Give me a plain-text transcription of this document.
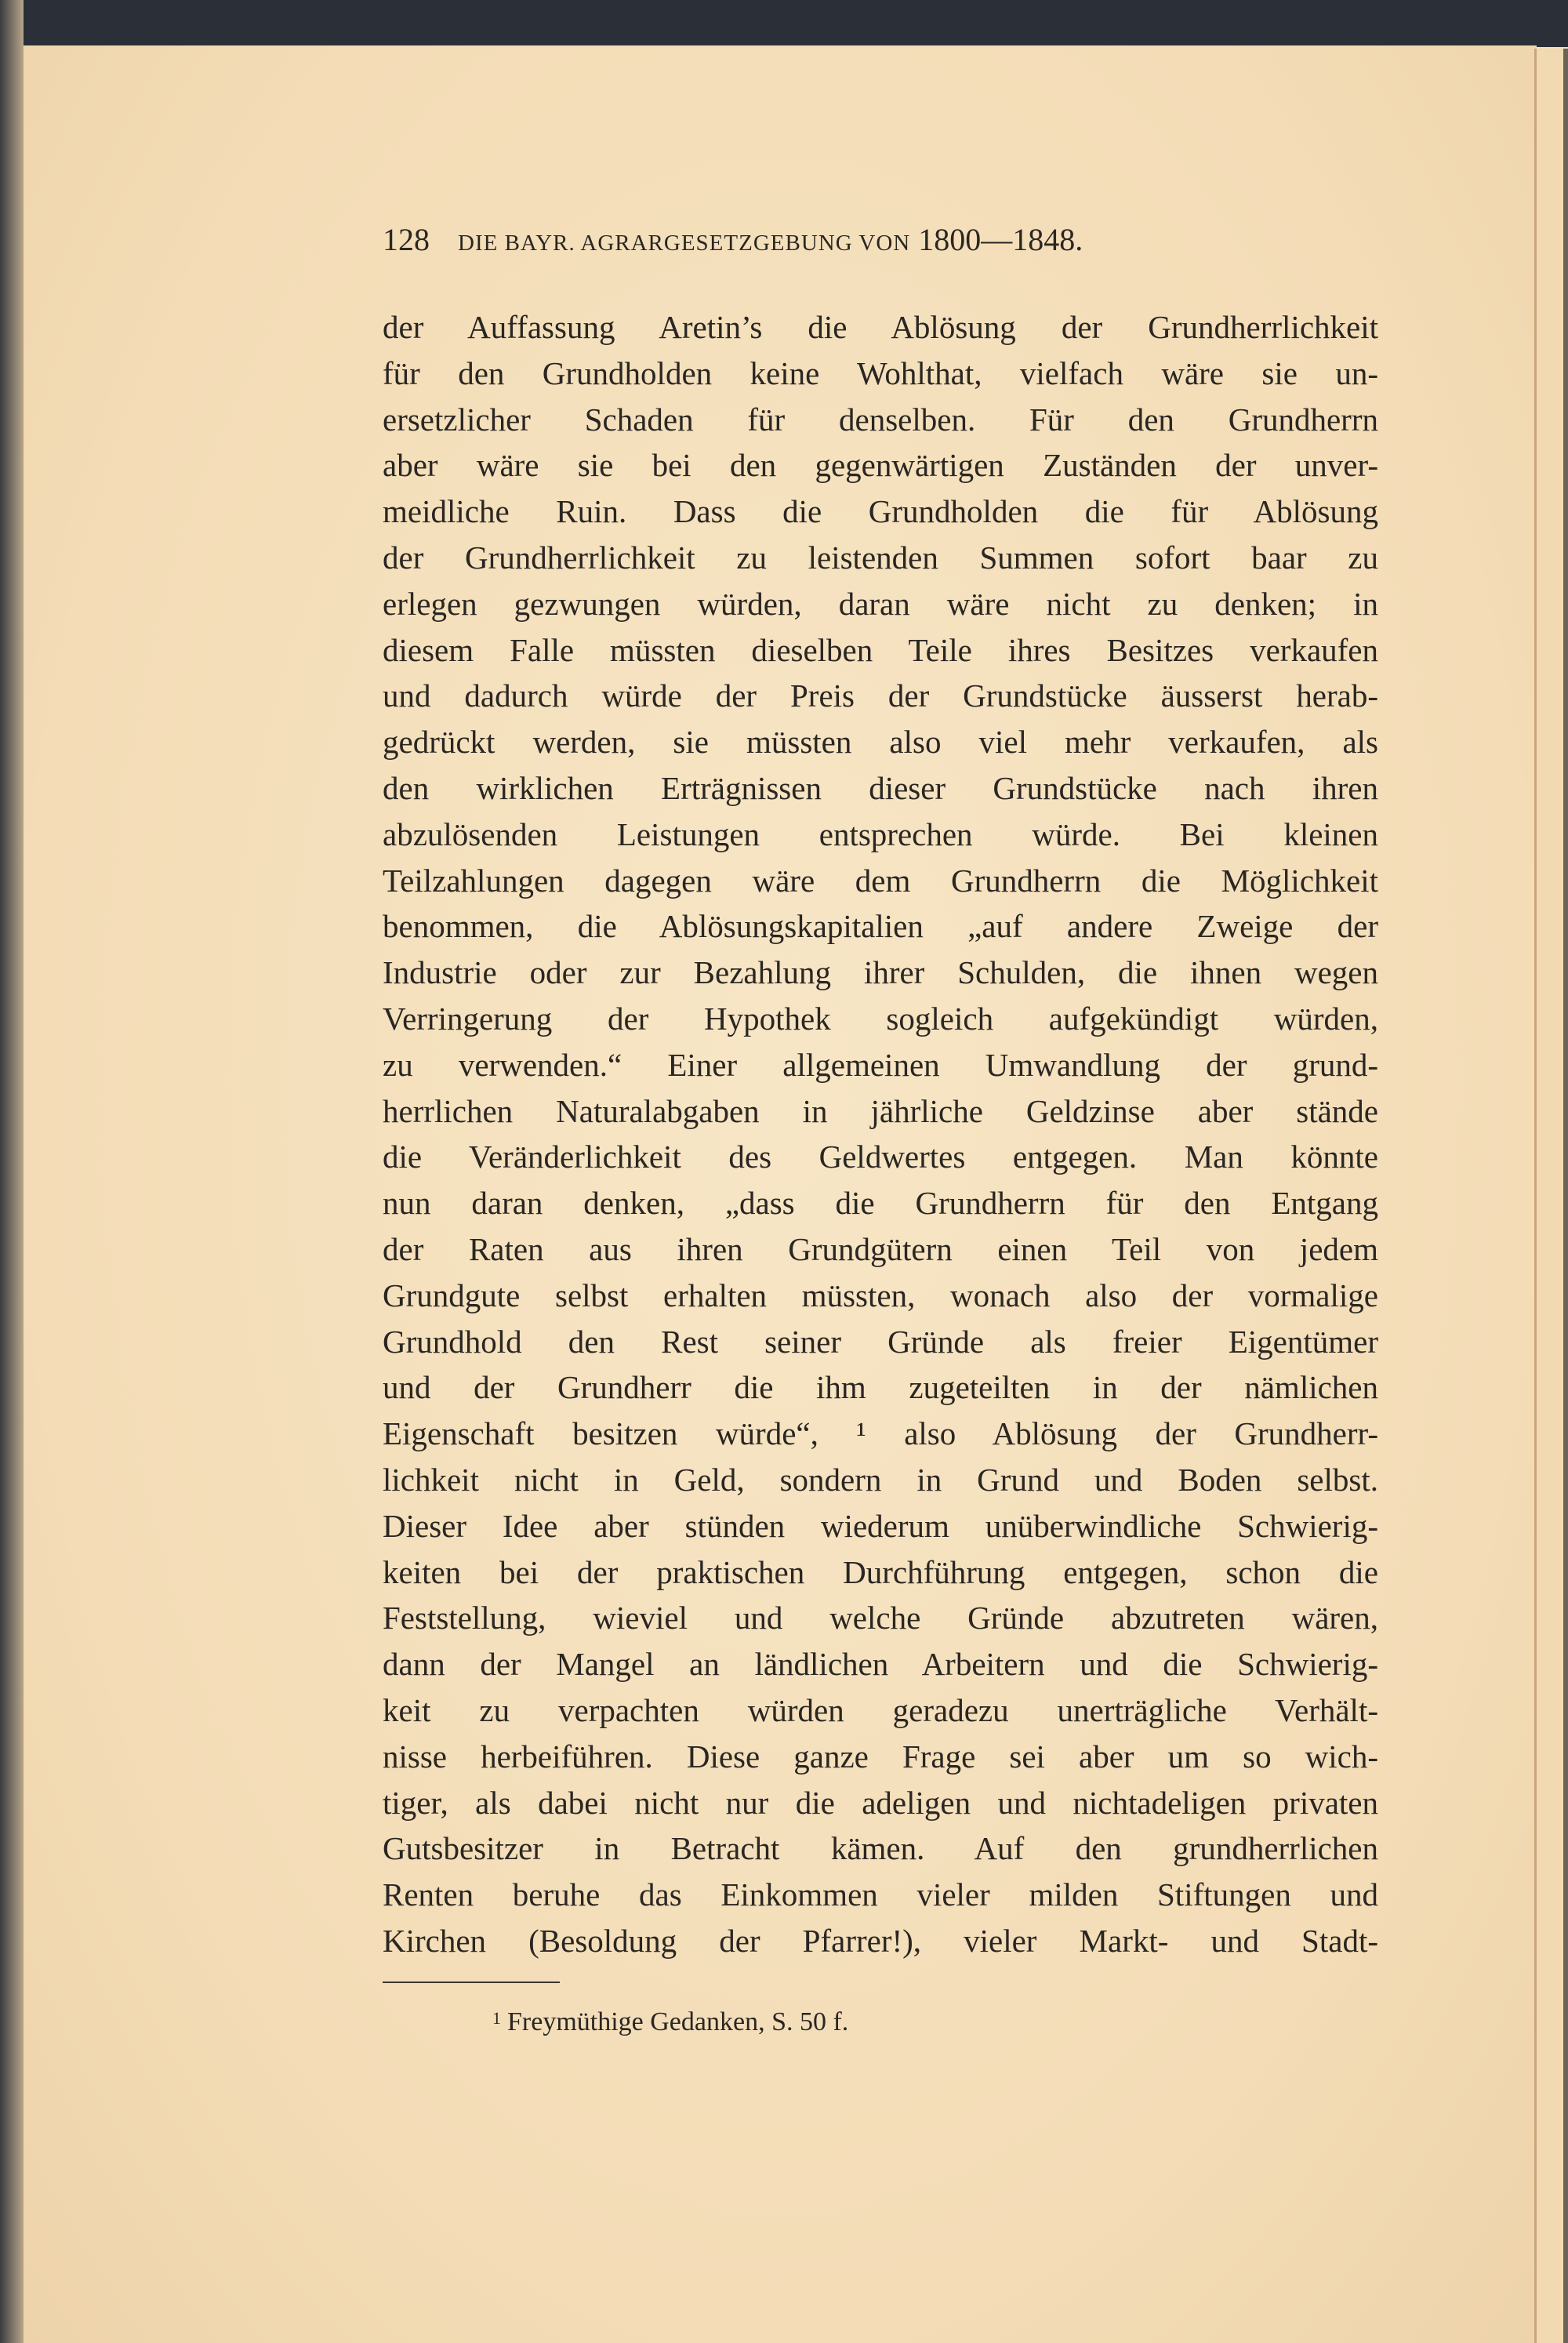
128 DIE BAYR. AGRARGESETZGEBUNG VON 1800—1848.
der Auffassung Aretin’s die Ablösung der Grundherrlichkeit
für den Grundholden keine Wohlthat, vielfach wäre sie un-
ersetzlicher Schaden für denselben. Für den Grundherrn
aber wäre sie bei den gegenwärtigen Zuständen der unver-
meidliche Ruin. Dass die Grundholden die für Ablösung
der Grundherrlichkeit zu leistenden Summen sofort baar zu
erlegen gezwungen würden, daran wäre nicht zu denken; in
diesem Falle müssten dieselben Teile ihres Besitzes verkaufen
und dadurch würde der Preis der Grundstücke äusserst herab-
gedrückt werden, sie müssten also viel mehr verkaufen, als
den wirklichen Erträgnissen dieser Grundstücke nach ihren
abzulösenden Leistungen entsprechen würde. Bei kleinen
Teilzahlungen dagegen wäre dem Grundherrn die Möglichkeit
benommen, die Ablösungskapitalien „auf andere Zweige der
Industrie oder zur Bezahlung ihrer Schulden, die ihnen wegen
Verringerung der Hypothek sogleich aufgekündigt würden,
zu verwenden.“ Einer allgemeinen Umwandlung der grund-
herrlichen Naturalabgaben in jährliche Geldzinse aber stände
die Veränderlichkeit des Geldwertes entgegen. Man könnte
nun daran denken, „dass die Grundherrn für den Entgang
der Raten aus ihren Grundgütern einen Teil von jedem
Grundgute selbst erhalten müssten, wonach also der vormalige
Grundhold den Rest seiner Gründe als freier Eigentümer
und der Grundherr die ihm zugeteilten in der nämlichen
Eigenschaft besitzen würde“, ¹ also Ablösung der Grundherr-
lichkeit nicht in Geld, sondern in Grund und Boden selbst.
Dieser Idee aber stünden wiederum unüberwindliche Schwierig-
keiten bei der praktischen Durchführung entgegen, schon die
Feststellung, wieviel und welche Gründe abzutreten wären,
dann der Mangel an ländlichen Arbeitern und die Schwierig-
keit zu verpachten würden geradezu unerträgliche Verhält-
nisse herbeiführen. Diese ganze Frage sei aber um so wich-
tiger, als dabei nicht nur die adeligen und nichtadeligen privaten
Gutsbesitzer in Betracht kämen. Auf den grundherrlichen
Renten beruhe das Einkommen vieler milden Stiftungen und
Kirchen (Besoldung der Pfarrer!), vieler Markt- und Stadt-
$^1$ Freymüthige Gedanken, S. 50 f.
